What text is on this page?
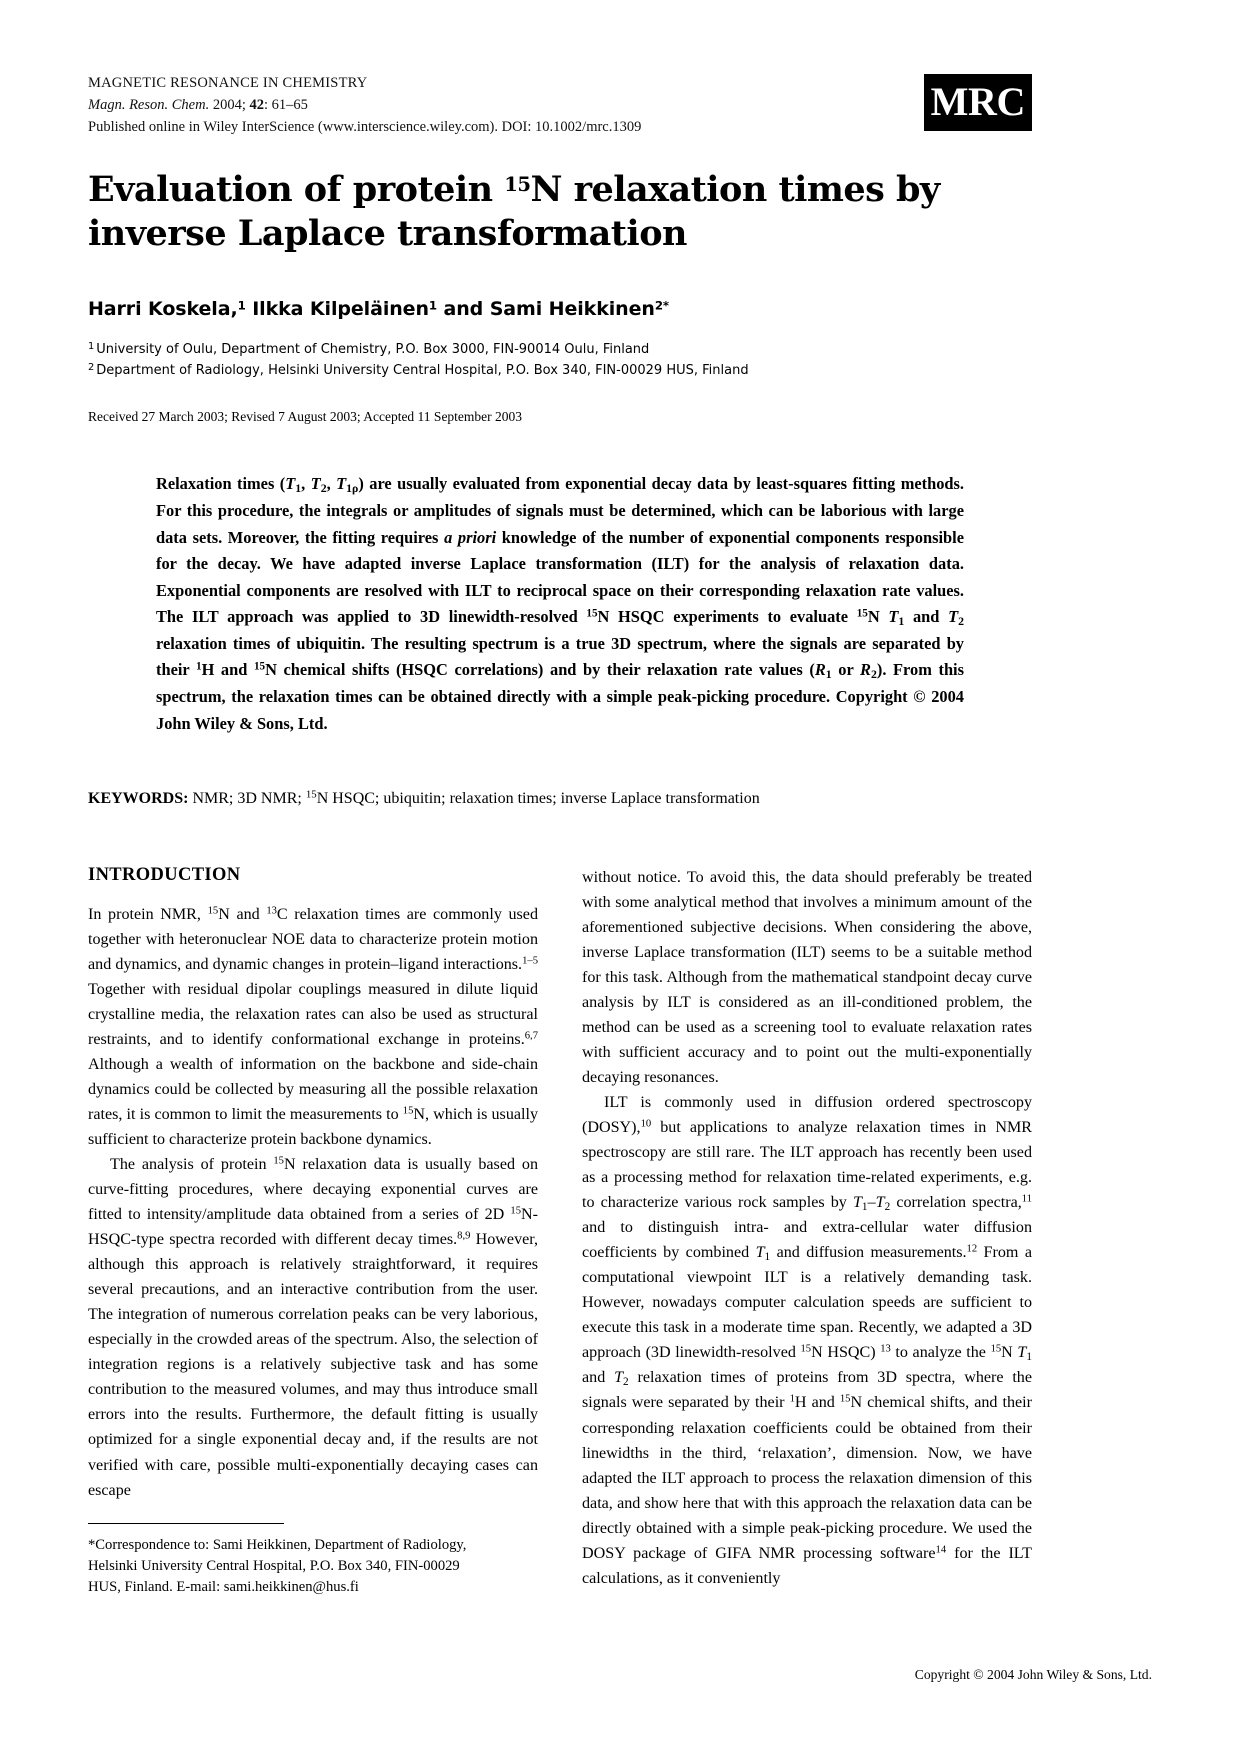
MAGNETIC RESONANCE IN CHEMISTRY
Magn. Reson. Chem. 2004; 42: 61–65
Published online in Wiley InterScience (www.interscience.wiley.com). DOI: 10.1002/mrc.1309
MRC
Evaluation of protein $^{15}$N relaxation times by inverse Laplace transformation
Harri Koskela,$^1$ Ilkka Kilpeläinen$^1$ and Sami Heikkinen$^{2*}$
$^1$ University of Oulu, Department of Chemistry, P.O. Box 3000, FIN-90014 Oulu, Finland
$^2$ Department of Radiology, Helsinki University Central Hospital, P.O. Box 340, FIN-00029 HUS, Finland
Received 27 March 2003; Revised 7 August 2003; Accepted 11 September 2003
Relaxation times ($T_1$, $T_2$, $T_{1\rho}$) are usually evaluated from exponential decay data by least-squares fitting methods. For this procedure, the integrals or amplitudes of signals must be determined, which can be laborious with large data sets. Moreover, the fitting requires a priori knowledge of the number of exponential components responsible for the decay. We have adapted inverse Laplace transformation (ILT) for the analysis of relaxation data. Exponential components are resolved with ILT to reciprocal space on their corresponding relaxation rate values. The ILT approach was applied to 3D linewidth-resolved $^{15}$N HSQC experiments to evaluate $^{15}$N $T_1$ and $T_2$ relaxation times of ubiquitin. The resulting spectrum is a true 3D spectrum, where the signals are separated by their $^1$H and $^{15}$N chemical shifts (HSQC correlations) and by their relaxation rate values ($R_1$ or $R_2$). From this spectrum, the relaxation times can be obtained directly with a simple peak-picking procedure. Copyright © 2004 John Wiley & Sons, Ltd.
KEYWORDS: NMR; 3D NMR; $^{15}$N HSQC; ubiquitin; relaxation times; inverse Laplace transformation
INTRODUCTION

In protein NMR, $^{15}$N and $^{13}$C relaxation times are commonly used together with heteronuclear NOE data to characterize protein motion and dynamics, and dynamic changes in protein–ligand interactions.$^{1-5}$ Together with residual dipolar couplings measured in dilute liquid crystalline media, the relaxation rates can also be used as structural restraints, and to identify conformational exchange in proteins.$^{6,7}$ Although a wealth of information on the backbone and side-chain dynamics could be collected by measuring all the possible relaxation rates, it is common to limit the measurements to $^{15}$N, which is usually sufficient to characterize protein backbone dynamics.

The analysis of protein $^{15}$N relaxation data is usually based on curve-fitting procedures, where decaying exponential curves are fitted to intensity/amplitude data obtained from a series of 2D $^{15}$N-HSQC-type spectra recorded with different decay times.$^{8,9}$ However, although this approach is relatively straightforward, it requires several precautions, and an interactive contribution from the user. The integration of numerous correlation peaks can be very laborious, especially in the crowded areas of the spectrum. Also, the selection of integration regions is a relatively subjective task and has some contribution to the measured volumes, and may thus introduce small errors into the results. Furthermore, the default fitting is usually optimized for a single exponential decay and, if the results are not verified with care, possible multi-exponentially decaying cases can escape

*Correspondence to: Sami Heikkinen, Department of Radiology,
Helsinki University Central Hospital, P.O. Box 340, FIN-00029
HUS, Finland. E-mail: sami.heikkinen@hus.fi

without notice. To avoid this, the data should preferably be treated with some analytical method that involves a minimum amount of the aforementioned subjective decisions. When considering the above, inverse Laplace transformation (ILT) seems to be a suitable method for this task. Although from the mathematical standpoint decay curve analysis by ILT is considered as an ill-conditioned problem, the method can be used as a screening tool to evaluate relaxation rates with sufficient accuracy and to point out the multi-exponentially decaying resonances.

ILT is commonly used in diffusion ordered spectroscopy (DOSY),$^{10}$ but applications to analyze relaxation times in NMR spectroscopy are still rare. The ILT approach has recently been used as a processing method for relaxation time-related experiments, e.g. to characterize various rock samples by $T_1-T_2$ correlation spectra,$^{11}$ and to distinguish intra- and extra-cellular water diffusion coefficients by combined $T_1$ and diffusion measurements.$^{12}$ From a computational viewpoint ILT is a relatively demanding task. However, nowadays computer calculation speeds are sufficient to execute this task in a moderate time span. Recently, we adapted a 3D approach (3D linewidth-resolved $^{15}$N HSQC) $^{13}$ to analyze the $^{15}$N $T_1$ and $T_2$ relaxation times of proteins from 3D spectra, where the signals were separated by their $^1$H and $^{15}$N chemical shifts, and their corresponding relaxation coefficients could be obtained from their linewidths in the third, ‘relaxation’, dimension. Now, we have adapted the ILT approach to process the relaxation dimension of this data, and show here that with this approach the relaxation data can be directly obtained with a simple peak-picking procedure. We used the DOSY package of GIFA NMR processing software$^{14}$ for the ILT calculations, as it conveniently

Copyright © 2004 John Wiley & Sons, Ltd.
